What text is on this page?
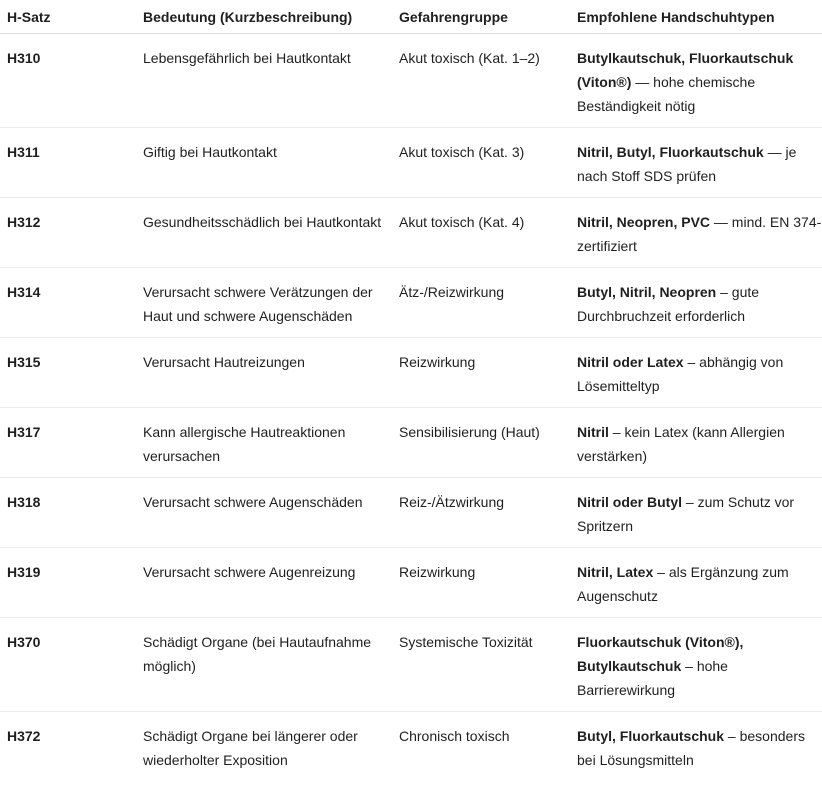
H-Satz	Bedeutung (Kurzbeschreibung)	Gefahrengruppe	Empfohlene Handschuhtypen
H310	Lebensgefährlich bei Hautkontakt	Akut toxisch (Kat. 1–2)	Butylkautschuk, Fluorkautschuk (Viton®) — hohe chemische Beständigkeit nötig
H311	Giftig bei Hautkontakt	Akut toxisch (Kat. 3)	Nitril, Butyl, Fluorkautschuk — je nach Stoff SDS prüfen
H312	Gesundheitsschädlich bei Hautkontakt	Akut toxisch (Kat. 4)	Nitril, Neopren, PVC — mind. EN 374-zertifiziert
H314	Verursacht schwere Verätzungen der Haut und schwere Augenschäden	Ätz-/Reizwirkung	Butyl, Nitril, Neopren – gute Durchbruchzeit erforderlich
H315	Verursacht Hautreizungen	Reizwirkung	Nitril oder Latex – abhängig von Lösemitteltyp
H317	Kann allergische Hautreaktionen verursachen	Sensibilisierung (Haut)	Nitril – kein Latex (kann Allergien verstärken)
H318	Verursacht schwere Augenschäden	Reiz-/Ätzwirkung	Nitril oder Butyl – zum Schutz vor Spritzern
H319	Verursacht schwere Augenreizung	Reizwirkung	Nitril, Latex – als Ergänzung zum Augenschutz
H370	Schädigt Organe (bei Hautaufnahme möglich)	Systemische Toxizität	Fluorkautschuk (Viton®), Butylkautschuk – hohe Barrierewirkung
H372	Schädigt Organe bei längerer oder wiederholter Exposition	Chronisch toxisch	Butyl, Fluorkautschuk – besonders bei Lösungsmitteln
